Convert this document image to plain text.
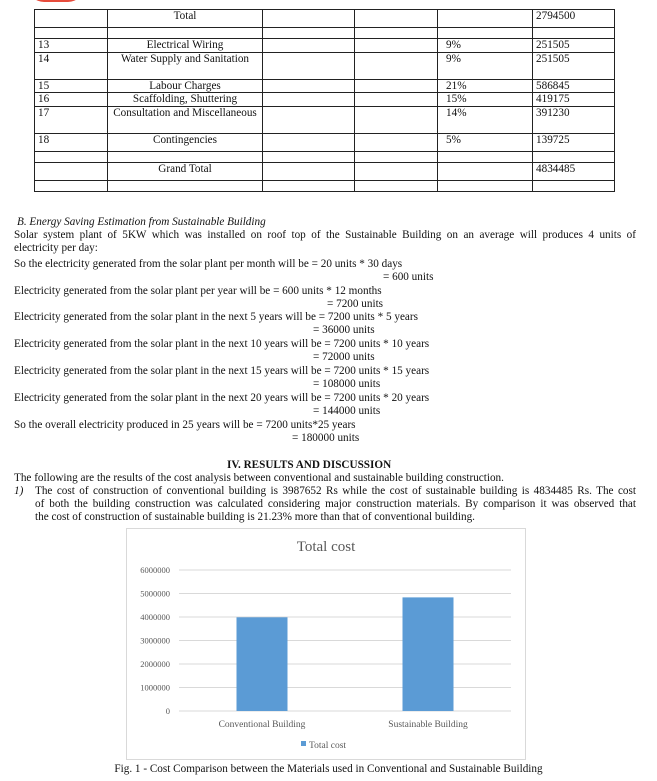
	Total				2794500

13	Electrical Wiring			9%	251505
14	Water Supply and Sanitation			9%	251505
15	Labour Charges			21%	586845
16	Scaffolding, Shuttering			15%	419175
17	Consultation and Miscellaneous			14%	391230
18	Contingencies			5%	139725

	Grand Total				4834485

B. Energy Saving Estimation from Sustainable Building
Solar system plant of 5KW which was installed on roof top of the Sustainable Building on an average will produces 4 units of
electricity per day:
So the electricity generated from the solar plant per month will be = 20 units * 30 days
= 600 units
Electricity generated from the solar plant per year will be = 600 units * 12 months
= 7200 units
Electricity generated from the solar plant in the next 5 years will be = 7200 units * 5 years
= 36000 units
Electricity generated from the solar plant in the next 10 years will be = 7200 units * 10 years
= 72000 units
Electricity generated from the solar plant in the next 15 years will be = 7200 units * 15 years
= 108000 units
Electricity generated from the solar plant in the next 20 years will be = 7200 units * 20 years
= 144000 units
So the overall electricity produced in 25 years will be = 7200 units*25 years
= 180000 units
IV. RESULTS AND DISCUSSION
The following are the results of the cost analysis between conventional and sustainable building construction.
1) The cost of construction of conventional building is 3987652 Rs while the cost of sustainable building is 4834485 Rs. The cost
of both the building construction was calculated considering major construction materials. By comparison it was observed that
the cost of construction of sustainable building is 21.23% more than that of conventional building.
Total cost
0
1000000
2000000
3000000
4000000
5000000
6000000
Conventional Building	Sustainable Building
Total cost
Fig. 1 - Cost Comparison between the Materials used in Conventional and Sustainable Building
